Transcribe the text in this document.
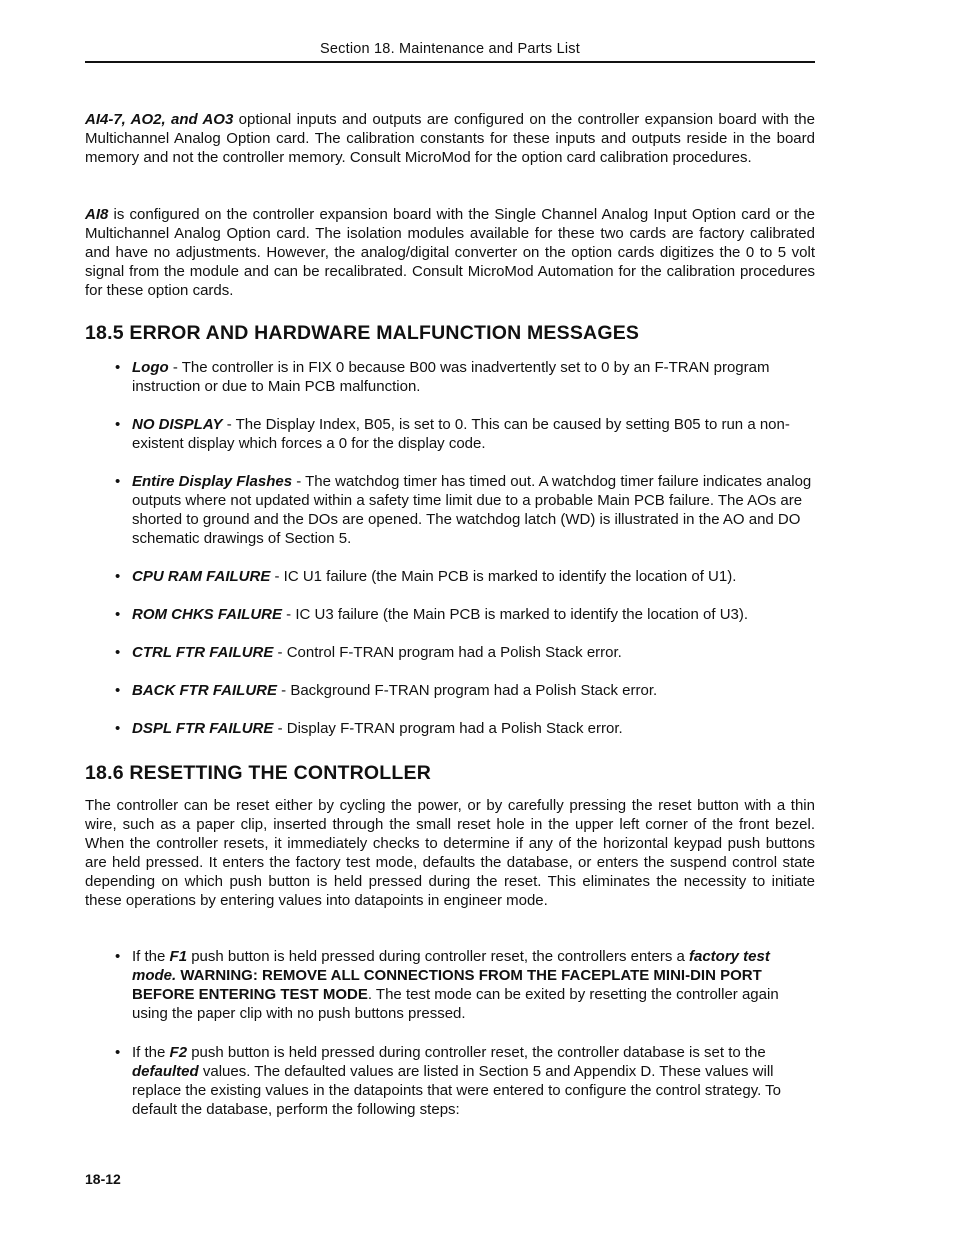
Section 18. Maintenance and Parts List

AI4-7, AO2, and AO3 optional inputs and outputs are configured on the controller expansion board with the Multichannel Analog Option card. The calibration constants for these inputs and outputs reside in the board memory and not the controller memory. Consult MicroMod for the option card calibration procedures.

AI8 is configured on the controller expansion board with the Single Channel Analog Input Option card or the Multichannel Analog Option card. The isolation modules available for these two cards are factory calibrated and have no adjustments. However, the analog/digital converter on the option cards digitizes the 0 to 5 volt signal from the module and can be recalibrated. Consult MicroMod Automation for the calibration procedures for these option cards.

18.5 ERROR AND HARDWARE MALFUNCTION MESSAGES
• Logo - The controller is in FIX 0 because B00 was inadvertently set to 0 by an F-TRAN program instruction or due to Main PCB malfunction.

• NO DISPLAY - The Display Index, B05, is set to 0. This can be caused by setting B05 to run a non-existent display which forces a 0 for the display code.

• Entire Display Flashes - The watchdog timer has timed out. A watchdog timer failure indicates analog outputs where not updated within a safety time limit due to a probable Main PCB failure. The AOs are shorted to ground and the DOs are opened. The watchdog latch (WD) is illustrated in the AO and DO schematic drawings of Section 5.

• CPU RAM FAILURE - IC U1 failure (the Main PCB is marked to identify the location of U1).

• ROM CHKS FAILURE - IC U3 failure (the Main PCB is marked to identify the location of U3).

• CTRL FTR FAILURE - Control F-TRAN program had a Polish Stack error.

• BACK FTR FAILURE - Background F-TRAN program had a Polish Stack error.

• DSPL FTR FAILURE - Display F-TRAN program had a Polish Stack error.

18.6 RESETTING THE CONTROLLER

The controller can be reset either by cycling the power, or by carefully pressing the reset button with a thin wire, such as a paper clip, inserted through the small reset hole in the upper left corner of the front bezel. When the controller resets, it immediately checks to determine if any of the horizontal keypad push buttons are held pressed. It enters the factory test mode, defaults the database, or enters the suspend control state depending on which push button is held pressed during the reset. This eliminates the necessity to initiate these operations by entering values into datapoints in engineer mode.

• If the F1 push button is held pressed during controller reset, the controllers enters a factory test mode. WARNING: REMOVE ALL CONNECTIONS FROM THE FACEPLATE MINI-DIN PORT BEFORE ENTERING TEST MODE. The test mode can be exited by resetting the controller again using the paper clip with no push buttons pressed.

• If the F2 push button is held pressed during controller reset, the controller database is set to the defaulted values. The defaulted values are listed in Section 5 and Appendix D. These values will replace the existing values in the datapoints that were entered to configure the control strategy. To default the database, perform the following steps:

18-12
